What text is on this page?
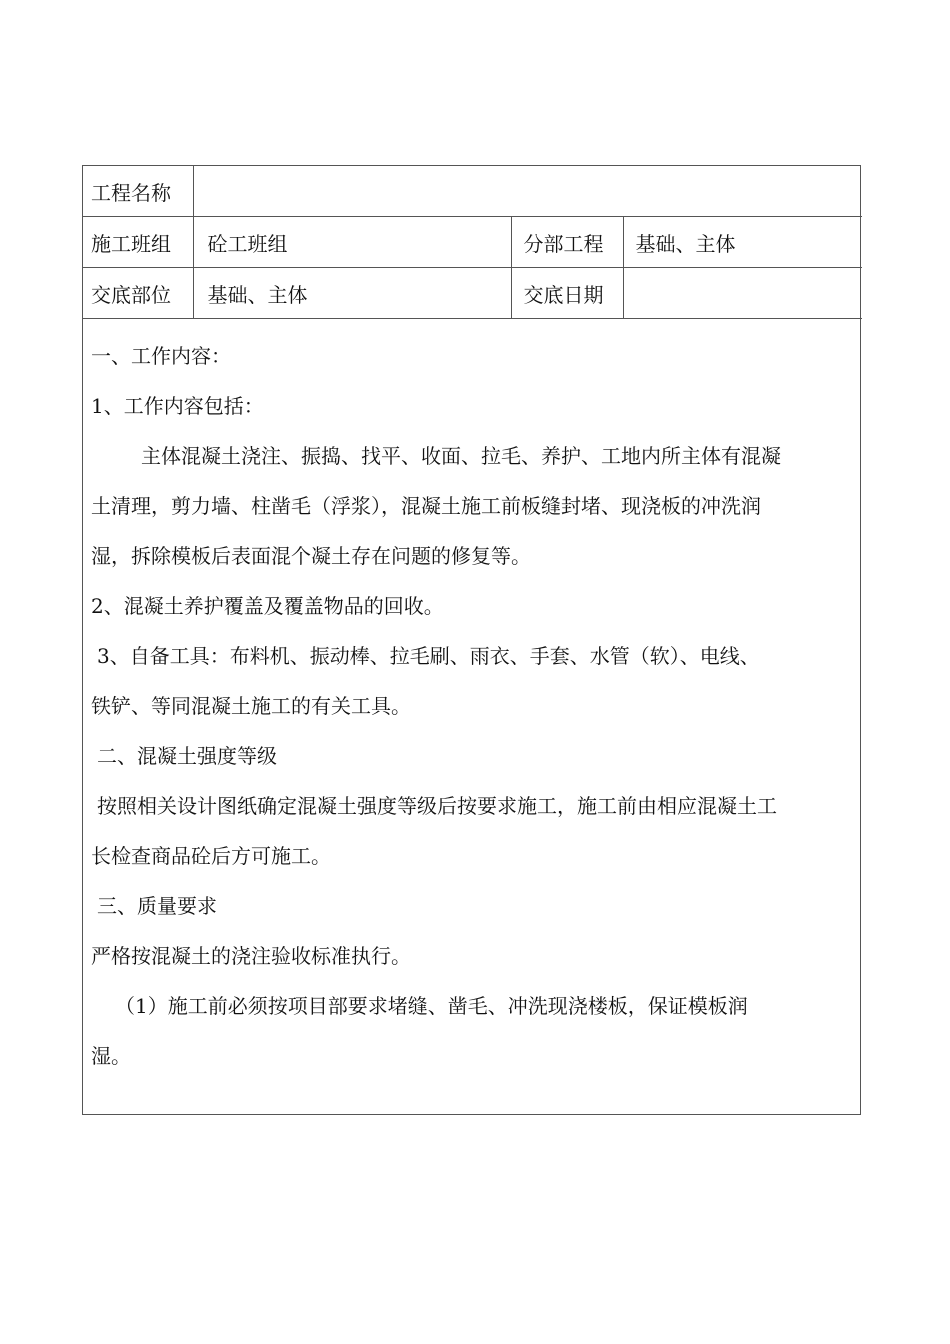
工程名称			
施工班组	砼工班组	分部工程	基础、主体
交底部位	基础、主体	交底日期	

一、工作内容：

1、工作内容包括：

主体混凝土浇注、振捣、找平、收面、拉毛、养护、工地内所主体有混凝

土清理，剪力墙、柱凿毛（浮浆），混凝土施工前板缝封堵、现浇板的冲洗润

湿，拆除模板后表面混个凝土存在问题的修复等。

2、混凝土养护覆盖及覆盖物品的回收。

3、自备工具：布料机、振动棒、拉毛刷、雨衣、手套、水管（软）、电线、

铁铲、等同混凝土施工的有关工具。

二、混凝土强度等级

按照相关设计图纸确定混凝土强度等级后按要求施工，施工前由相应混凝土工

长检查商品砼后方可施工。

三、质量要求

严格按混凝土的浇注验收标准执行。

（1）施工前必须按项目部要求堵缝、凿毛、冲洗现浇楼板，保证模板润

湿。
